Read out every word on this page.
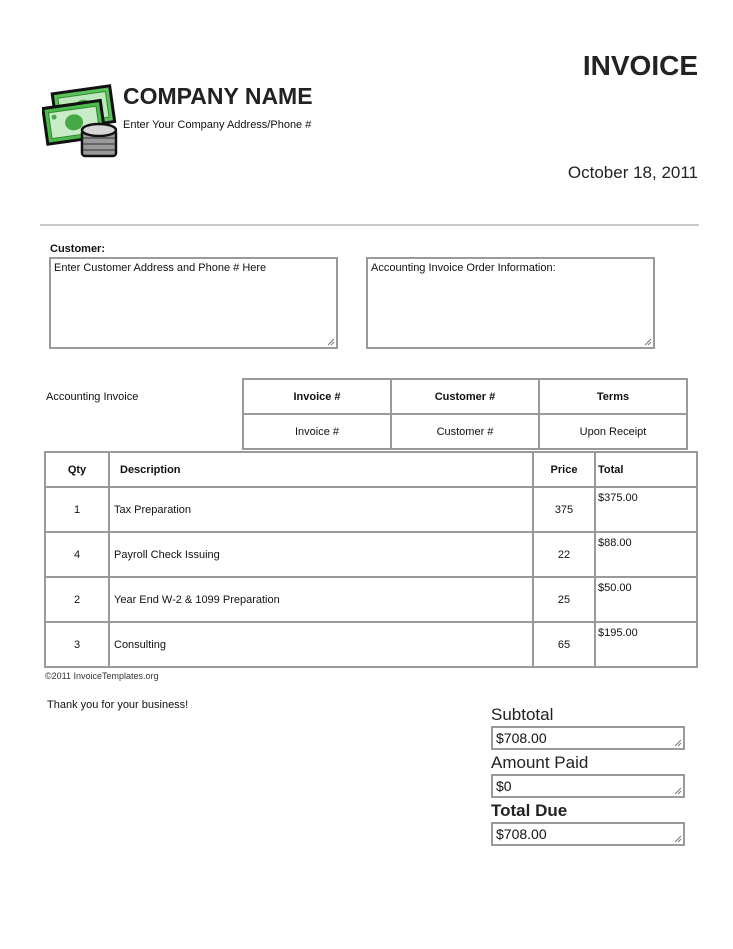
INVOICE
COMPANY NAME
Enter Your Company Address/Phone #
October 18, 2011
Customer:
Enter Customer Address and Phone # Here	Accounting Invoice Order Information:
Accounting Invoice	Invoice #	Customer #	Terms
Invoice #	Customer #	Upon Receipt
Qty	Description	Price	Total
1	Tax Preparation	375	$375.00
4	Payroll Check Issuing	22	$88.00
2	Year End W-2 & 1099 Preparation	25	$50.00
3	Consulting	65	$195.00
©2011 InvoiceTemplates.org
Thank you for your business!	Subtotal
$708.00
Amount Paid
$0
Total Due
$708.00
